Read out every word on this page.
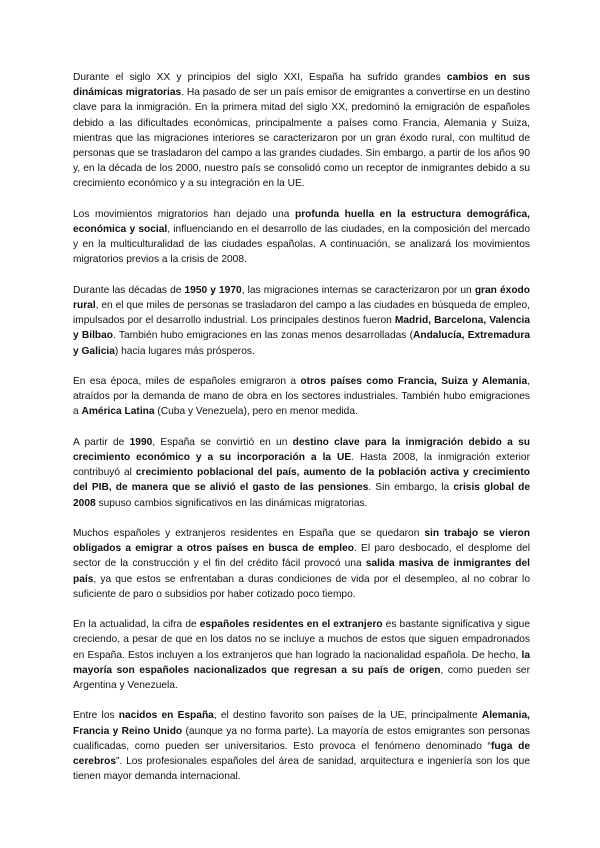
Durante el siglo XX y principios del siglo XXI, España ha sufrido grandes cambios en sus dinámicas migratorias. Ha pasado de ser un país emisor de emigrantes a convertirse en un destino clave para la inmigración. En la primera mitad del siglo XX, predominó la emigración de españoles debido a las dificultades económicas, principalmente a países como Francia, Alemania y Suiza, mientras que las migraciones interiores se caracterizaron por un gran éxodo rural, con multitud de personas que se trasladaron del campo a las grandes ciudades. Sin embargo, a partir de los años 90 y, en la década de los 2000, nuestro país se consolidó como un receptor de inmigrantes debido a su crecimiento económico y a su integración en la UE.

Los movimientos migratorios han dejado una profunda huella en la estructura demográfica, económica y social, influenciando en el desarrollo de las ciudades, en la composición del mercado y en la multiculturalidad de las ciudades españolas. A continuación, se analizará los movimientos migratorios previos a la crisis de 2008.

Durante las décadas de 1950 y 1970, las migraciones internas se caracterizaron por un gran éxodo rural, en el que miles de personas se trasladaron del campo a las ciudades en búsqueda de empleo, impulsados por el desarrollo industrial. Los principales destinos fueron Madrid, Barcelona, Valencia y Bilbao. También hubo emigraciones en las zonas menos desarrolladas (Andalucía, Extremadura y Galicia) hacia lugares más prósperos.

En esa época, miles de españoles emigraron a otros países como Francia, Suiza y Alemania, atraídos por la demanda de mano de obra en los sectores industriales. También hubo emigraciones a América Latina (Cuba y Venezuela), pero en menor medida.

A partir de 1990, España se convirtió en un destino clave para la inmigración debido a su crecimiento económico y a su incorporación a la UE. Hasta 2008, la inmigración exterior contribuyó al crecimiento poblacional del país, aumento de la población activa y crecimiento del PIB, de manera que se alivió el gasto de las pensiones. Sin embargo, la crisis global de 2008 supuso cambios significativos en las dinámicas migratorias.

Muchos españoles y extranjeros residentes en España que se quedaron sin trabajo se vieron obligados a emigrar a otros países en busca de empleo. El paro desbocado, el desplome del sector de la construcción y el fin del crédito fácil provocó una salida masiva de inmigrantes del país, ya que estos se enfrentaban a duras condiciones de vida por el desempleo, al no cobrar lo suficiente de paro o subsidios por haber cotizado poco tiempo.

En la actualidad, la cifra de españoles residentes en el extranjero es bastante significativa y sigue creciendo, a pesar de que en los datos no se incluye a muchos de estos que siguen empadronados en España. Estos incluyen a los extranjeros que han logrado la nacionalidad española. De hecho, la mayoría son españoles nacionalizados que regresan a su país de origen, como pueden ser Argentina y Venezuela.

Entre los nacidos en España, el destino favorito son países de la UE, principalmente Alemania, Francia y Reino Unido (aunque ya no forma parte). La mayoría de estos emigrantes son personas cualificadas, como pueden ser universitarios. Esto provoca el fenómeno denominado “fuga de cerebros”. Los profesionales españoles del área de sanidad, arquitectura e ingeniería son los que tienen mayor demanda internacional.
